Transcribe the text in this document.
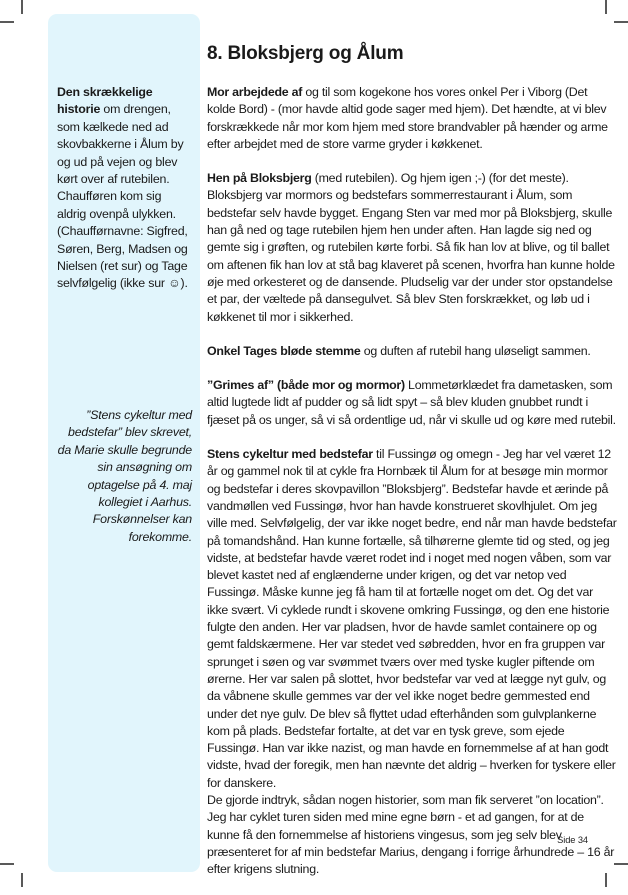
Den skrækkelige historie om drengen, som kælkede ned ad skovbakkerne i Ålum by og ud på vejen og blev kørt over af rutebilen. Chaufføren kom sig aldrig ovenpå ulykken. (Chaufførnavne: Sigfred, Søren, Berg, Madsen og Nielsen (ret sur) og Tage selvfølgelig (ikke sur ☺).
”Stens cykeltur med bedstefar” blev skrevet, da Marie skulle begrunde sin ansøgning om optagelse på 4. maj kollegiet i Aarhus. Forskønnelser kan forekomme.
8. Bloksbjerg og Ålum

Mor arbejdede af og til som kogekone hos vores onkel Per i Viborg (Det kolde Bord) - (mor havde altid gode sager med hjem). Det hændte, at vi blev forskrækkede når mor kom hjem med store brandvabler på hænder og arme efter arbejdet med de store varme gryder i køkkenet.

Hen på Bloksbjerg (med rutebilen). Og hjem igen ;-) (for det meste). Bloksbjerg var mormors og bedstefars sommerrestaurant i Ålum, som bedstefar selv havde bygget. Engang Sten var med mor på Bloksbjerg, skulle han gå ned og tage rutebilen hjem hen under aften. Han lagde sig ned og gemte sig i grøften, og rutebilen kørte forbi. Så fik han lov at blive, og til ballet om aftenen fik han lov at stå bag klaveret på scenen, hvorfra han kunne holde øje med orkesteret og de dansende. Pludselig var der under stor opstandelse et par, der væltede på dansegulvet. Så blev Sten forskrækket, og løb ud i køkkenet til mor i sikkerhed.

Onkel Tages bløde stemme og duften af rutebil hang uløseligt sammen.

”Grimes af” (både mor og mormor) Lommetørklædet fra dametasken, som altid lugtede lidt af pudder og så lidt spyt – så blev kluden gnubbet rundt i fjæset på os unger, så vi så ordentlige ud, når vi skulle ud og køre med rutebil.

Stens cykeltur med bedstefar til Fussingø og omegn - Jeg har vel været 12 år og gammel nok til at cykle fra Hornbæk til Ålum for at besøge min mormor og bedstefar i deres skovpavillon ”Bloksbjerg”. Bedstefar havde et ærinde på vandmøllen ved Fussingø, hvor han havde konstrueret skovlhjulet. Om jeg ville med. Selvfølgelig, der var ikke noget bedre, end når man havde bedstefar på tomandshånd. Han kunne fortælle, så tilhørerne glemte tid og sted, og jeg vidste, at bedstefar havde været rodet ind i noget med nogen våben, som var blevet kastet ned af englænderne under krigen, og det var netop ved Fussingø. Måske kunne jeg få ham til at fortælle noget om det. Og det var ikke svært. Vi cyklede rundt i skovene omkring Fussingø, og den ene historie fulgte den anden. Her var pladsen, hvor de havde samlet containere op og gemt faldskærmene. Her var stedet ved søbredden, hvor en fra gruppen var sprunget i søen og var svømmet tværs over med tyske kugler piftende om ørerne. Her var salen på slottet, hvor bedstefar var ved at lægge nyt gulv, og da våbnene skulle gemmes var der vel ikke noget bedre gemmested end under det nye gulv. De blev så flyttet udad efterhånden som gulvplankerne kom på plads. Bedstefar fortalte, at det var en tysk greve, som ejede Fussingø. Han var ikke nazist, og man havde en fornemmelse af at han godt vidste, hvad der foregik, men han nævnte det aldrig – hverken for tyskere eller for danskere.

De gjorde indtryk, sådan nogen historier, som man fik serveret ”on location”. Jeg har cyklet turen siden med mine egne børn - et ad gangen, for at de kunne få den fornemmelse af historiens vingesus, som jeg selv blev præsenteret for af min bedstefar Marius, dengang i forrige århundrede – 16 år efter krigens slutning.

Side 34
